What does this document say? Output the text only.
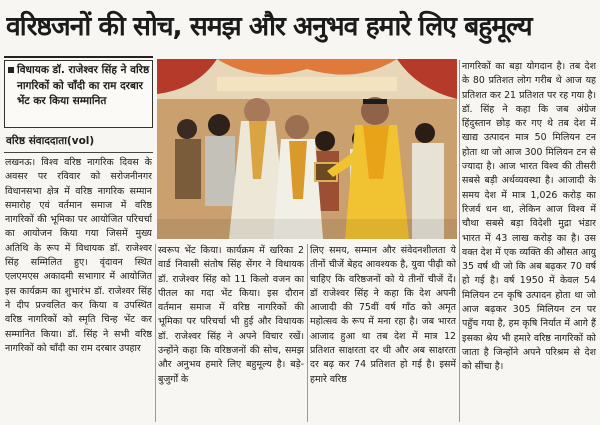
वरिष्ठजनों की सोच, समझ और अनुभव हमारे लिए बहुमूल्य
विधायक डॉ. राजेश्वर सिंह ने वरिष्ठ नागरिकों को चाँदी का राम दरबार भेंट कर किया सम्मानित
वरिष्ठ संवाददाता(vol)

लखनऊ। विश्व वरिष्ठ नागरिक दिवस के अवसर पर रविवार को सरोजनीनगर विधानसभा क्षेत्र में वरिष्ठ नागरिक सम्मान समारोह एवं वर्तमान समाज में वरिष्ठ नागरिकों की भूमिका पर आयोजित परिचर्चा का आयोजन किया गया जिसमें मुख्य अतिथि के रूप में विधायक डॉ. राजेश्वर सिंह सम्मिलित हुए। वृंदावन स्थित एलएमएस अकादमी सभागार में आयोजित इस कार्यक्रम का शुभारंभ डॉ. राजेश्वर सिंह ने दीप प्रज्वलित कर किया व उपस्थित वरिष्ठ नागरिकों को स्मृति चिन्ह भेंट कर सम्मानित किया। डॉ. सिंह ने सभी वरिष्ठ नागरिकों को चाँदी का राम दरबार उपहार

स्वरूप भेंट किया। कार्यक्रम में खरिका 2 वार्ड निवासी संतोष सिंह सेंगर ने विधायक डॉ. राजेश्वर सिंह को 11 किलो वजन का पीतल का गदा भेंट किया। इस दौरान वर्तमान समाज में वरिष्ठ नागरिकों की भूमिका पर परिचर्चा भी हुई और विधायक डॉ. राजेश्वर सिंह ने अपने विचार रखें। उन्होंने कहा कि वरिष्ठजनों की सोच, समझ और अनुभव हमारे लिए बहुमूल्य है। बड़े-बुजुर्गों के

लिए समय, सम्मान और संवेदनशीलता ये तीनों चीजें बेहद आवश्यक है, युवा पीढ़ी को चाहिए कि वरिष्ठजनों को ये तीनों चीजें दें। डॉ राजेश्वर सिंह ने कहा कि देश अपनी आजादी की 75वीं वर्ष गाँठ को अमृत महोत्सव के रूप में मना रहा है। जब भारत आजाद हुआ था तब देश में मात्र 12 प्रतिशत साक्षरता दर थी और अब साक्षरता दर बढ़ कर 74 प्रतिशत हो गई है। इसमें हमारे वरिष्ठ

नागरिकों का बड़ा योगदान है। तब देश के 80 प्रतिशत लोग गरीब थे आज यह प्रतिशत कर 21 प्रतिशत पर रह गया है। डॉ. सिंह ने कहा कि जब अंग्रेज हिंदुस्तान छोड़ कर गए थे तब देश में खाद्य उत्पादन मात्र 50 मिलियन टन होता था जो आज 300 मिलियन टन से ज्यादा है। आज भारत विश्व की तीसरी सबसे बड़ी अर्थव्यवस्था है। आजादी के समय देश में मात्र 1,026 करोड़ का रिजर्व धन था, लेकिन आज विश्व में चौथा सबसे बड़ा विदेशी मुद्रा भंडार भारत में 43 लाख करोड़ का है। उस वक्त देश में एक व्यक्ति की औसत आयु 35 वर्ष थी जो कि अब बढ़कर 70 वर्ष हो गई है। वर्ष 1950 में केवल 54 मिलियन टन कृषि उत्पादन होता था जो आज बढ़कर 305 मिलियन टन पर पहुँच गया है, हम कृषि निर्यात में आगे हैं इसका श्रेय भी हमारे वरिष्ठ नागरिकों को जाता है जिन्होंने अपने परिश्रम से देश को सींचा है।
